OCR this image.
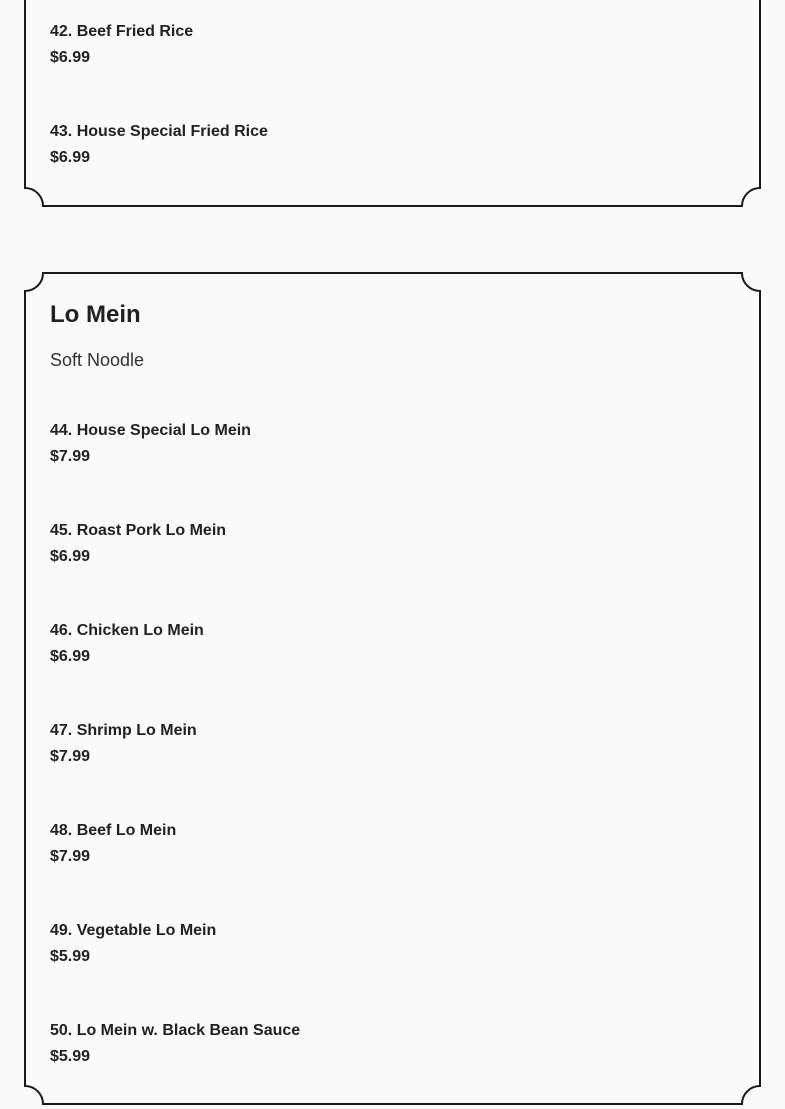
42. Beef Fried Rice
$6.99
43. House Special Fried Rice
$6.99
Lo Mein

Soft Noodle

44. House Special Lo Mein
$7.99
45. Roast Pork Lo Mein
$6.99
46. Chicken Lo Mein
$6.99
47. Shrimp Lo Mein
$7.99
48. Beef Lo Mein
$7.99
49. Vegetable Lo Mein
$5.99
50. Lo Mein w. Black Bean Sauce
$5.99
